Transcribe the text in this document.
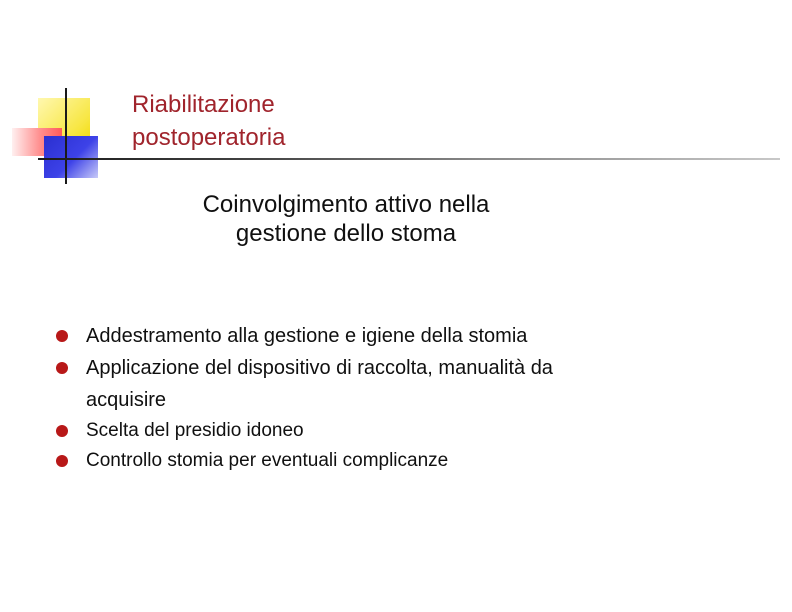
Riabilitazione
postoperatoria
Coinvolgimento attivo nella
gestione dello stoma
Addestramento alla gestione e igiene della stomia
Applicazione del dispositivo di raccolta, manualità da
acquisire
Scelta del presidio idoneo
Controllo stomia per eventuali complicanze
